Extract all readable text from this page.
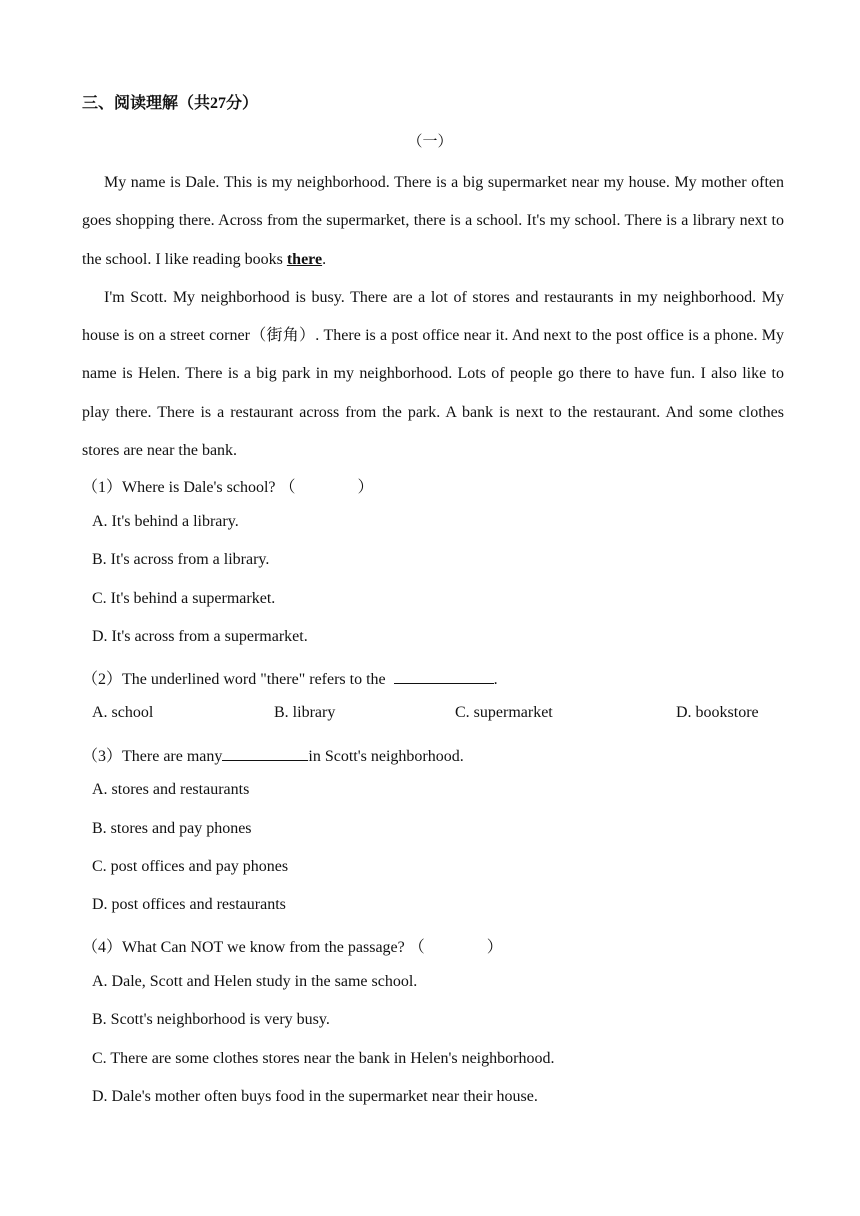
三、阅读理解（共27分）
（一）

My name is Dale. This is my neighborhood. There is a big supermarket near my house. My mother often goes shopping there. Across from the supermarket, there is a school. It's my school. There is a library next to the school. I like reading books there.

I'm Scott. My neighborhood is busy. There are a lot of stores and restaurants in my neighborhood. My house is on a street corner（街角）. There is a post office near it. And next to the post office is a phone. My name is Helen. There is a big park in my neighborhood. Lots of people go there to have fun. I also like to play there. There is a restaurant across from the park. A bank is next to the restaurant. And some clothes stores are near the bank.

（1）Where is Dale's school? （	）
A. It's behind a library.
B. It's across from a library.
C. It's behind a supermarket.
D. It's across from a supermarket.
（2）The underlined word "there" refers to the	.
A. school	B. library	C. supermarket	D. bookstore
（3）There are many	in Scott's neighborhood.
A. stores and restaurants
B. stores and pay phones
C. post offices and pay phones
D. post offices and restaurants
（4）What Can NOT we know from the passage? （	）
A. Dale, Scott and Helen study in the same school.
B. Scott's neighborhood is very busy.
C. There are some clothes stores near the bank in Helen's neighborhood.
D. Dale's mother often buys food in the supermarket near their house.
